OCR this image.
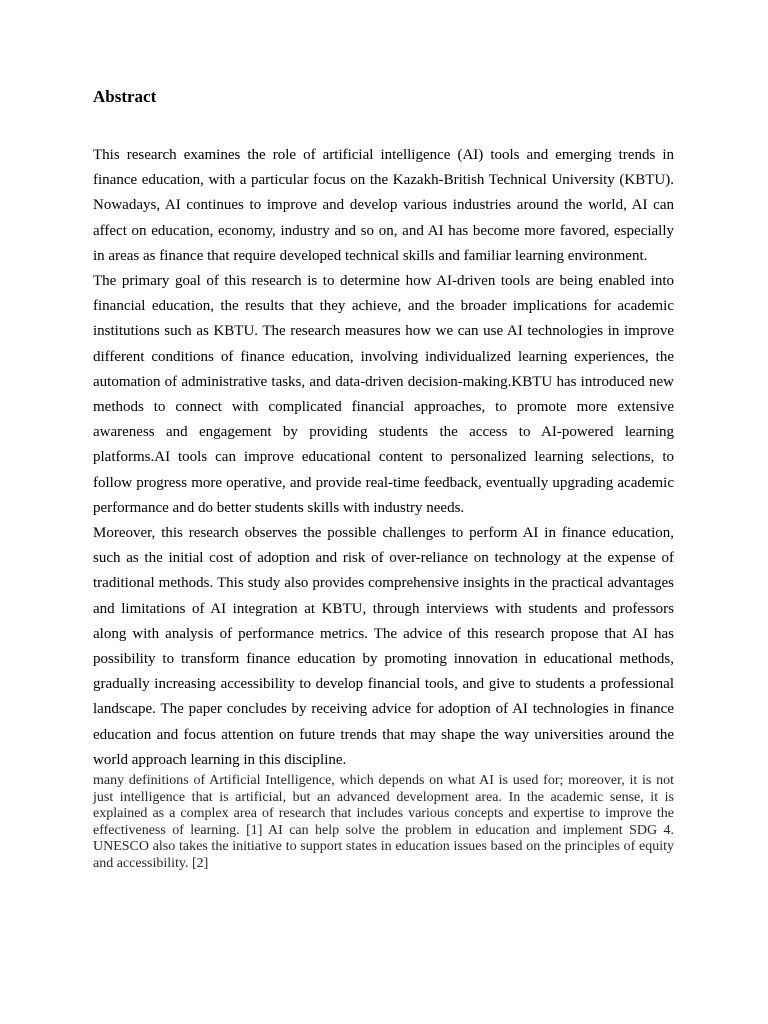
Abstract

This research examines the role of artificial intelligence (AI) tools and emerging trends in finance education, with a particular focus on the Kazakh-British Technical University (KBTU). Nowadays, AI continues to improve and develop various industries around the world, AI can affect on education, economy, industry and so on, and AI has become more favored, especially in areas as finance that require developed technical skills and familiar learning environment.

The primary goal of this research is to determine how AI-driven tools are being enabled into financial education, the results that they achieve, and the broader implications for academic institutions such as KBTU. The research measures how we can use AI technologies in improve different conditions of finance education, involving individualized learning experiences, the automation of administrative tasks, and data-driven decision-making.KBTU has introduced new methods to connect with complicated financial approaches, to promote more extensive awareness and engagement by providing students the access to AI-powered learning platforms.AI tools can improve educational content to personalized learning selections, to follow progress more operative, and provide real-time feedback, eventually upgrading academic performance and do better students skills with industry needs.

Moreover, this research observes the possible challenges to perform AI in finance education, such as the initial cost of adoption and risk of over-reliance on technology at the expense of traditional methods. This study also provides comprehensive insights in the practical advantages and limitations of AI integration at KBTU, through interviews with students and professors along with analysis of performance metrics. The advice of this research propose that AI has possibility to transform finance education by promoting innovation in educational methods, gradually increasing accessibility to develop financial tools, and give to students a professional landscape. The paper concludes by receiving advice for adoption of AI technologies in finance education and focus attention on future trends that may shape the way universities around the world approach learning in this discipline.

many definitions of Artificial Intelligence, which depends on what AI is used for; moreover, it is not just intelligence that is artificial, but an advanced development area. In the academic sense, it is explained as a complex area of research that includes various concepts and expertise to improve the effectiveness of learning. [1] AI can help solve the problem in education and implement SDG 4. UNESCO also takes the initiative to support states in education issues based on the principles of equity and accessibility. [2]
